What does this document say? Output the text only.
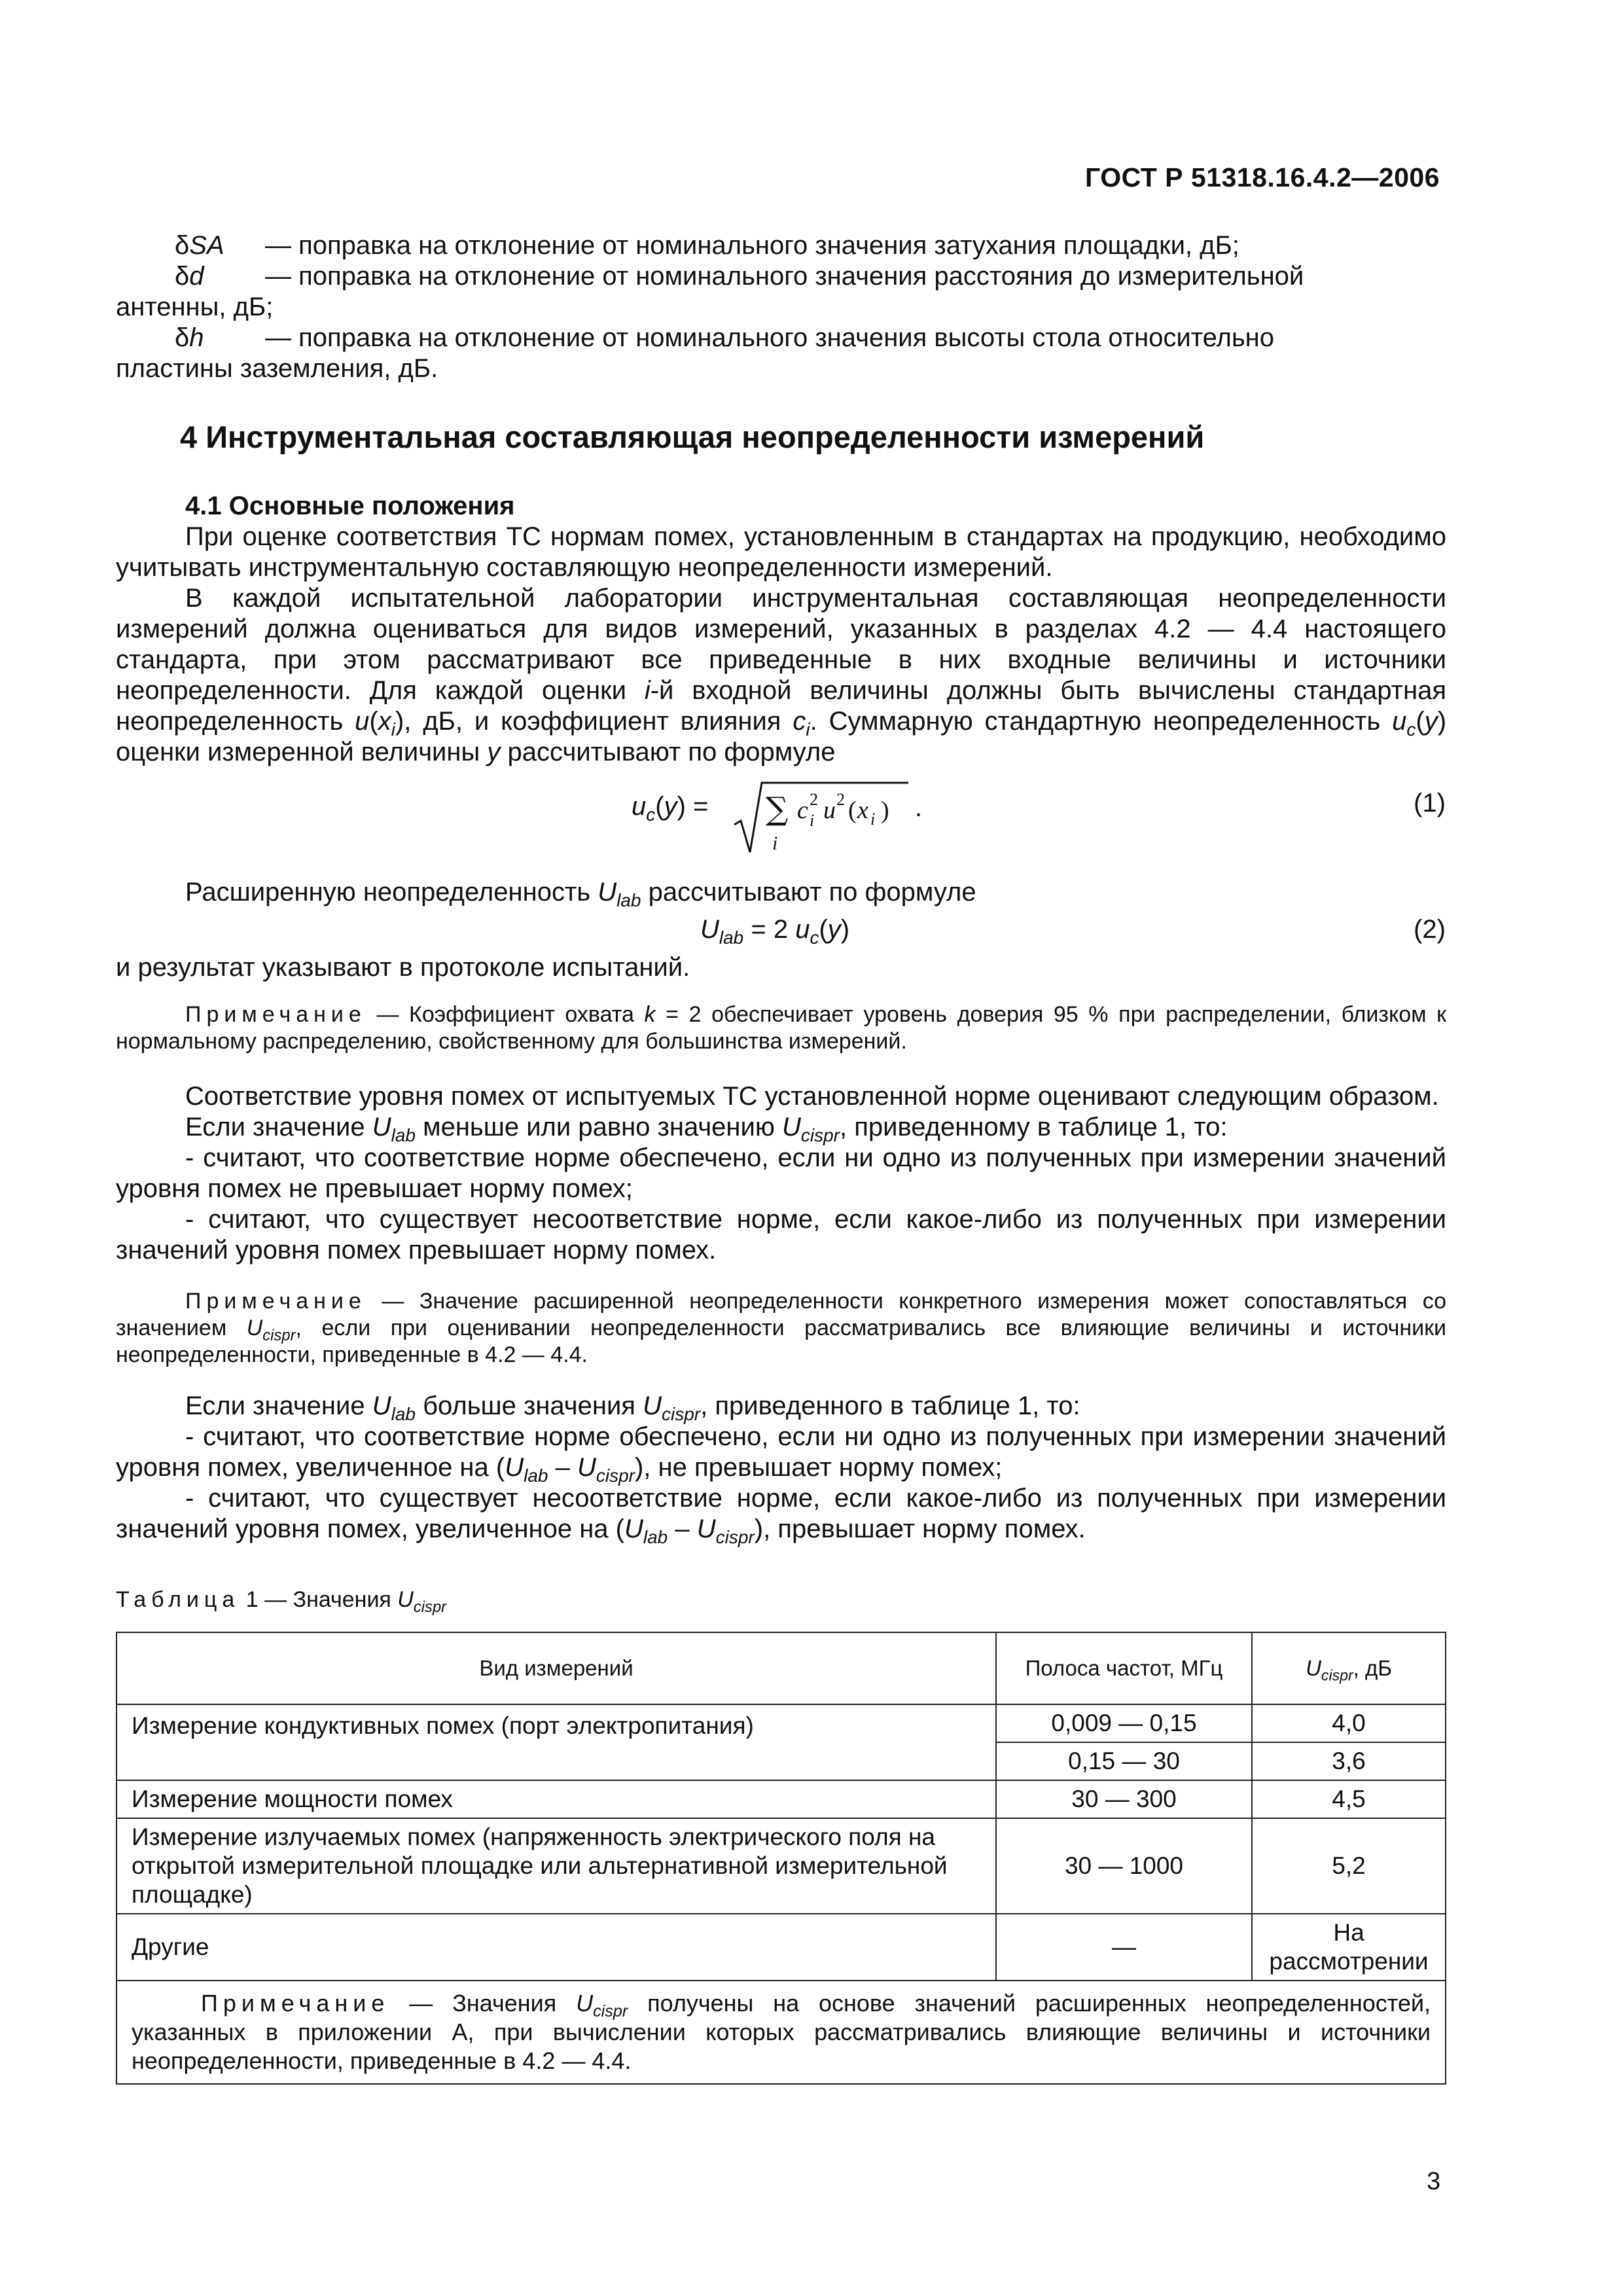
ГОСТ Р 51318.16.4.2—2006

δSA — поправка на отклонение от номинального значения затухания площадки, дБ;

δd — поправка на отклонение от номинального значения расстояния до измерительной

антенны, дБ;

δh — поправка на отклонение от номинального значения высоты стола относительно

пластины заземления, дБ.

4 Инструментальная составляющая неопределенности измерений

4.1 Основные положения

При оценке соответствия ТС нормам помех, установленным в стандартах на продукцию, необходимо учитывать инструментальную составляющую неопределенности измерений.

В каждой испытательной лаборатории инструментальная составляющая неопределенности измерений должна оцениваться для видов измерений, указанных в разделах 4.2 — 4.4 настоящего стандарта, при этом рассматривают все приведенные в них входные величины и источники неопределенности. Для каждой оценки i-й входной величины должны быть вычислены стандартная неопределенность $u(x_i)$, дБ, и коэффициент влияния $c_i$. Суммарную стандартную неопределенность $u_c(y)$ оценки измеренной величины y рассчитывают по формуле

$u_c(y)$ = ∑
i
c 2
i u 2 ( x i ) .	(1)

Расширенную неопределенность $U_{lab}$ рассчитывают по формуле

$U_{lab} = 2$ $u_c(y)$	(2)

и результат указывают в протоколе испытаний.

Примечание — Коэффициент охвата k = 2 обеспечивает уровень доверия 95 % при распределении, близком к нормальному распределению, свойственному для большинства измерений.

Соответствие уровня помех от испытуемых ТС установленной норме оценивают следующим образом.

Если значение $U_{lab}$ меньше или равно значению $U_{cispr}$, приведенному в таблице 1, то:

- считают, что соответствие норме обеспечено, если ни одно из полученных при измерении значений уровня помех не превышает норму помех;

- считают, что существует несоответствие норме, если какое-либо из полученных при измерении значений уровня помех превышает норму помех.

Примечание — Значение расширенной неопределенности конкретного измерения может сопоставляться со значением $U_{cispr}$, если при оценивании неопределенности рассматривались все влияющие величины и источники неопределенности, приведенные в 4.2 — 4.4.

Если значение $U_{lab}$ больше значения $U_{cispr}$, приведенного в таблице 1, то:

- считают, что соответствие норме обеспечено, если ни одно из полученных при измерении значений уровня помех, увеличенное на $(U_{lab} - U_{cispr})$, не превышает норму помех;

- считают, что существует несоответствие норме, если какое-либо из полученных при измерении значений уровня помех, увеличенное на $(U_{lab} - U_{cispr})$, превышает норму помех.

Таблица 1 — Значения $U_{cispr}$
Вид измерений	Полоса частот, МГц	$U_{cispr}$, дБ
Измерение кондуктивных помех (порт электропитания)	0,009 — 0,15	4,0
	0,15 — 30	3,6
Измерение мощности помех	30 — 300	4,5
Измерение излучаемых помех (напряженность электрического поля на открытой измерительной площадке или альтернативной измерительной площадке)	30 — 1000	5,2
Другие	—	На рассмотрении

Примечание — Значения $U_{cispr}$ получены на основе значений расширенных неопределенностей, указанных в приложении А, при вычислении которых рассматривались влияющие величины и источники неопределенности, приведенные в 4.2 — 4.4.		

3
